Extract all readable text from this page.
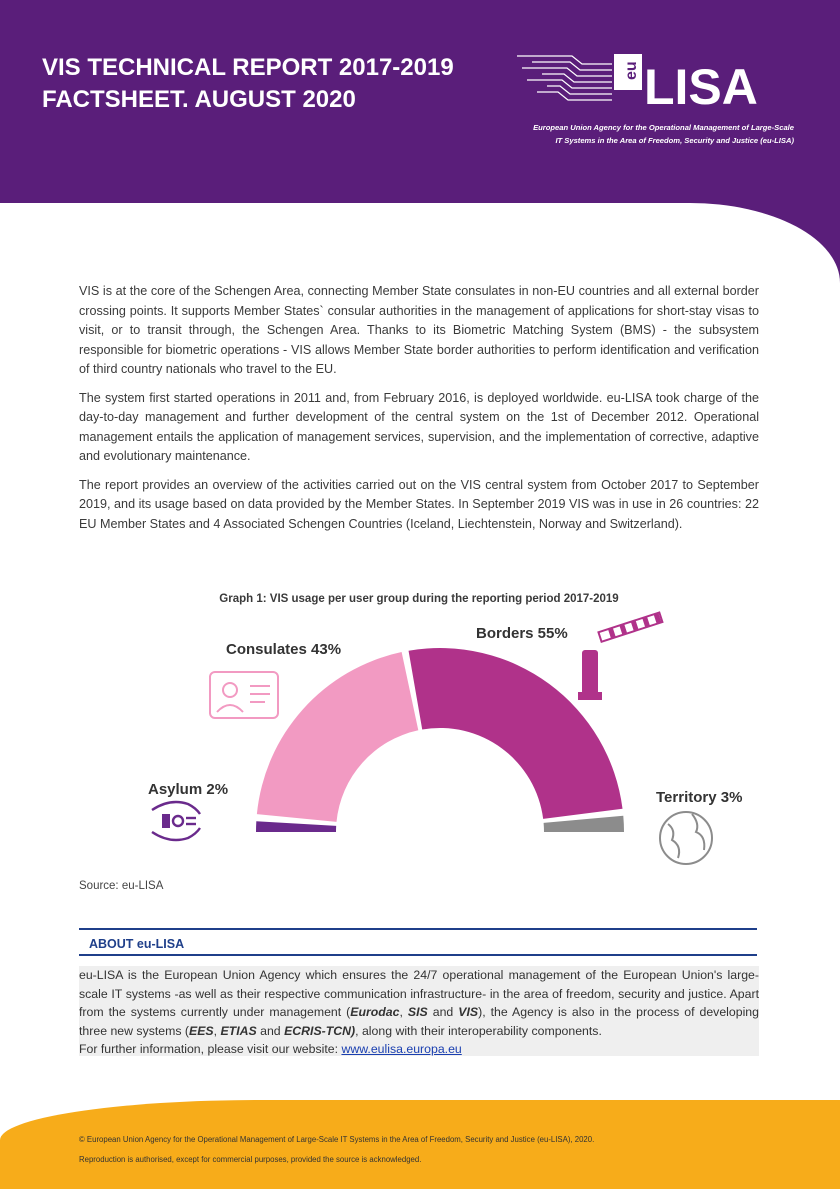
VIS TECHNICAL REPORT 2017-2019
FACTSHEET. AUGUST 2020
eu LISA
European Union Agency for the Operational Management of Large-Scale
IT Systems in the Area of Freedom, Security and Justice (eu-LISA)

VIS is at the core of the Schengen Area, connecting Member State consulates in non-EU countries and all external border crossing points. It supports Member States` consular authorities in the management of applications for short-stay visas to visit, or to transit through, the Schengen Area. Thanks to its Biometric Matching System (BMS) - the subsystem responsible for biometric operations - VIS allows Member State border authorities to perform identification and verification of third country nationals who travel to the EU.

The system first started operations in 2011 and, from February 2016, is deployed worldwide. eu-LISA took charge of the day-to-day management and further development of the central system on the 1st of December 2012. Operational management entails the application of management services, supervision, and the implementation of corrective, adaptive and evolutionary maintenance.

The report provides an overview of the activities carried out on the VIS central system from October 2017 to September 2019, and its usage based on data provided by the Member States. In September 2019 VIS was in use in 26 countries: 22 EU Member States and 4 Associated Schengen Countries (Iceland, Liechtenstein, Norway and Switzerland).

Graph 1: VIS usage per user group during the reporting period 2017-2019
Asylum 2%
Consulates 43%
Borders 55%
Territory 3%
Source: eu-LISA
ABOUT eu-LISA
eu-LISA is the European Union Agency which ensures the 24/7 operational management of the European Union's large-scale IT systems -as well as their respective communication infrastructure- in the area of freedom, security and justice. Apart from the systems currently under management (Eurodac, SIS and VIS), the Agency is also in the process of developing three new systems (EES, ETIAS and ECRIS-TCN), along with their interoperability components.
For further information, please visit our website: www.eulisa.europa.eu
© European Union Agency for the Operational Management of Large-Scale IT Systems in the Area of Freedom, Security and Justice (eu-LISA), 2020.
Reproduction is authorised, except for commercial purposes, provided the source is acknowledged.
